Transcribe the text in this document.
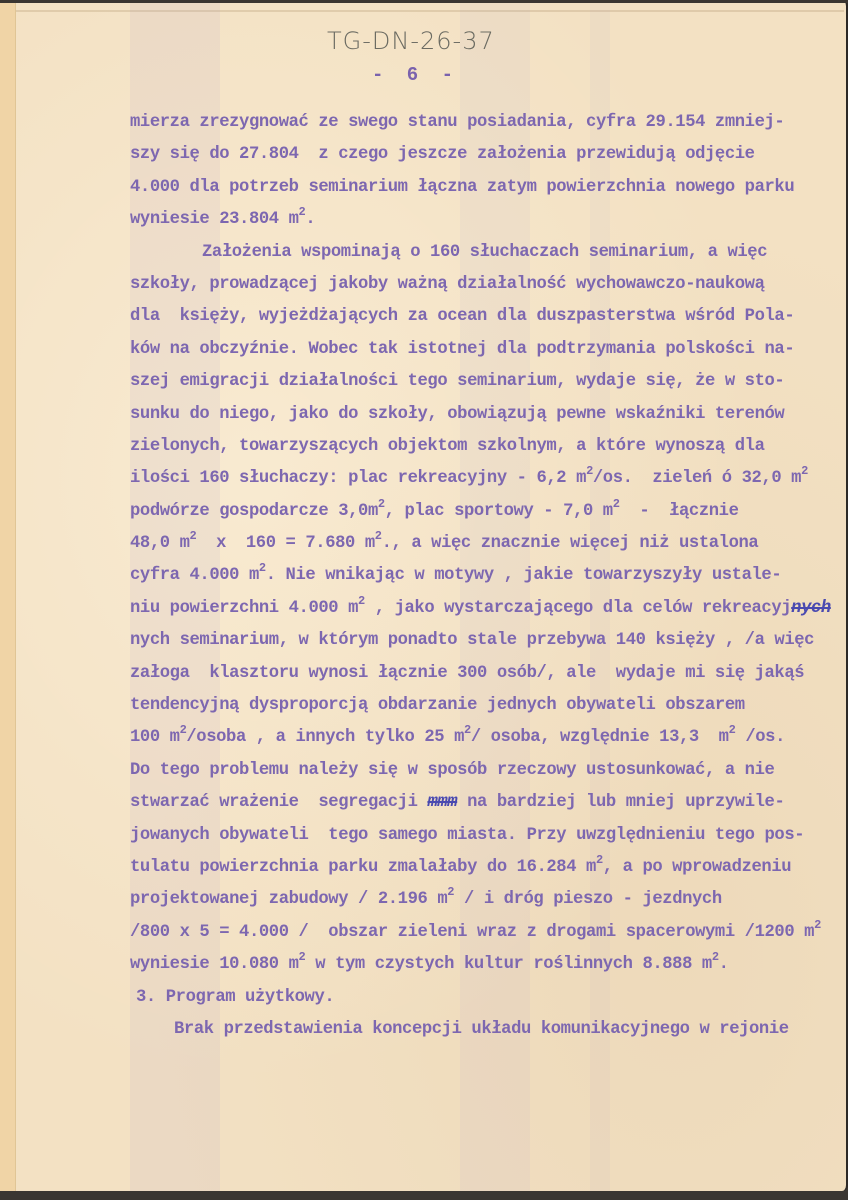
TG-DN-26-37
- 6 -
mierza zrezygnować ze swego stanu posiadania, cyfra 29.154 zmniej-
szy się do 27.804  z czego jeszcze założenia przewidują odjęcie
4.000 dla potrzeb seminarium łączna zatym powierzchnia nowego parku
wyniesie 23.804 $m^2$.
Założenia wspominają o 160 słuchaczach seminarium, a więc
szkoły, prowadzącej jakoby ważną działalność wychowawczo-naukową
dla  księży, wyjeżdżających za ocean dla duszpasterstwa wśród Pola-
ków na obczyźnie. Wobec tak istotnej dla podtrzymania polskości na-
szej emigracji działalności tego seminarium, wydaje się, że w sto-
sunku do niego, jako do szkoły, obowiązują pewne wskaźniki terenów
zielonych, towarzyszących objektom szkolnym, a które wynoszą dla
ilości 160 słuchaczy: plac rekreacyjny - 6,2 $m^2/os$.  zieleń ó 32,0 $m^2$
podwórze gospodarcze $3,0m^2$, plac sportowy - 7,0 $m^2$  -  łącznie
48,0 $m^2$  x  160 = 7.680 $m^2$., a więc znacznie więcej niż ustalona
cyfra 4.000 $m^2$. Nie wnikając w motywy , jakie towarzyszyły ustale-
niu powierzchni 4.000 $m^2$ , jako wystarczającego dla celów rekreacyjnych
nych seminarium, w którym ponadto stale przebywa 140 księży , /a więc
załoga  klasztoru wynosi łącznie 300 osób/, ale  wydaje mi się jakąś
tendencyjną dysproporcją obdarzanie jednych obywateli obszarem
100 $m^2$/osoba , a innych tylko 25 $m^2/$ osoba, względnie 13,3  $m^2$ /os.
Do tego problemu należy się w sposób rzeczowy ustosunkować, a nie
stwarzać wrażenie  segregacji mmm na bardziej lub mniej uprzywile-
jowanych obywateli  tego samego miasta. Przy uwzględnieniu tego pos-
tulatu powierzchnia parku zmalałaby do 16.284 $m^2$, a po wprowadzeniu
projektowanej zabudowy / 2.196 $m^2$ / i dróg pieszo - jezdnych
/800 x 5 = 4.000 /  obszar zieleni wraz z drogami spacerowymi /1200 $m^2$
wyniesie 10.080 $m^2$ w tym czystych kultur roślinnych 8.888 $m^2$.
3. Program użytkowy.
Brak przedstawienia koncepcji układu komunikacyjnego w rejonie
